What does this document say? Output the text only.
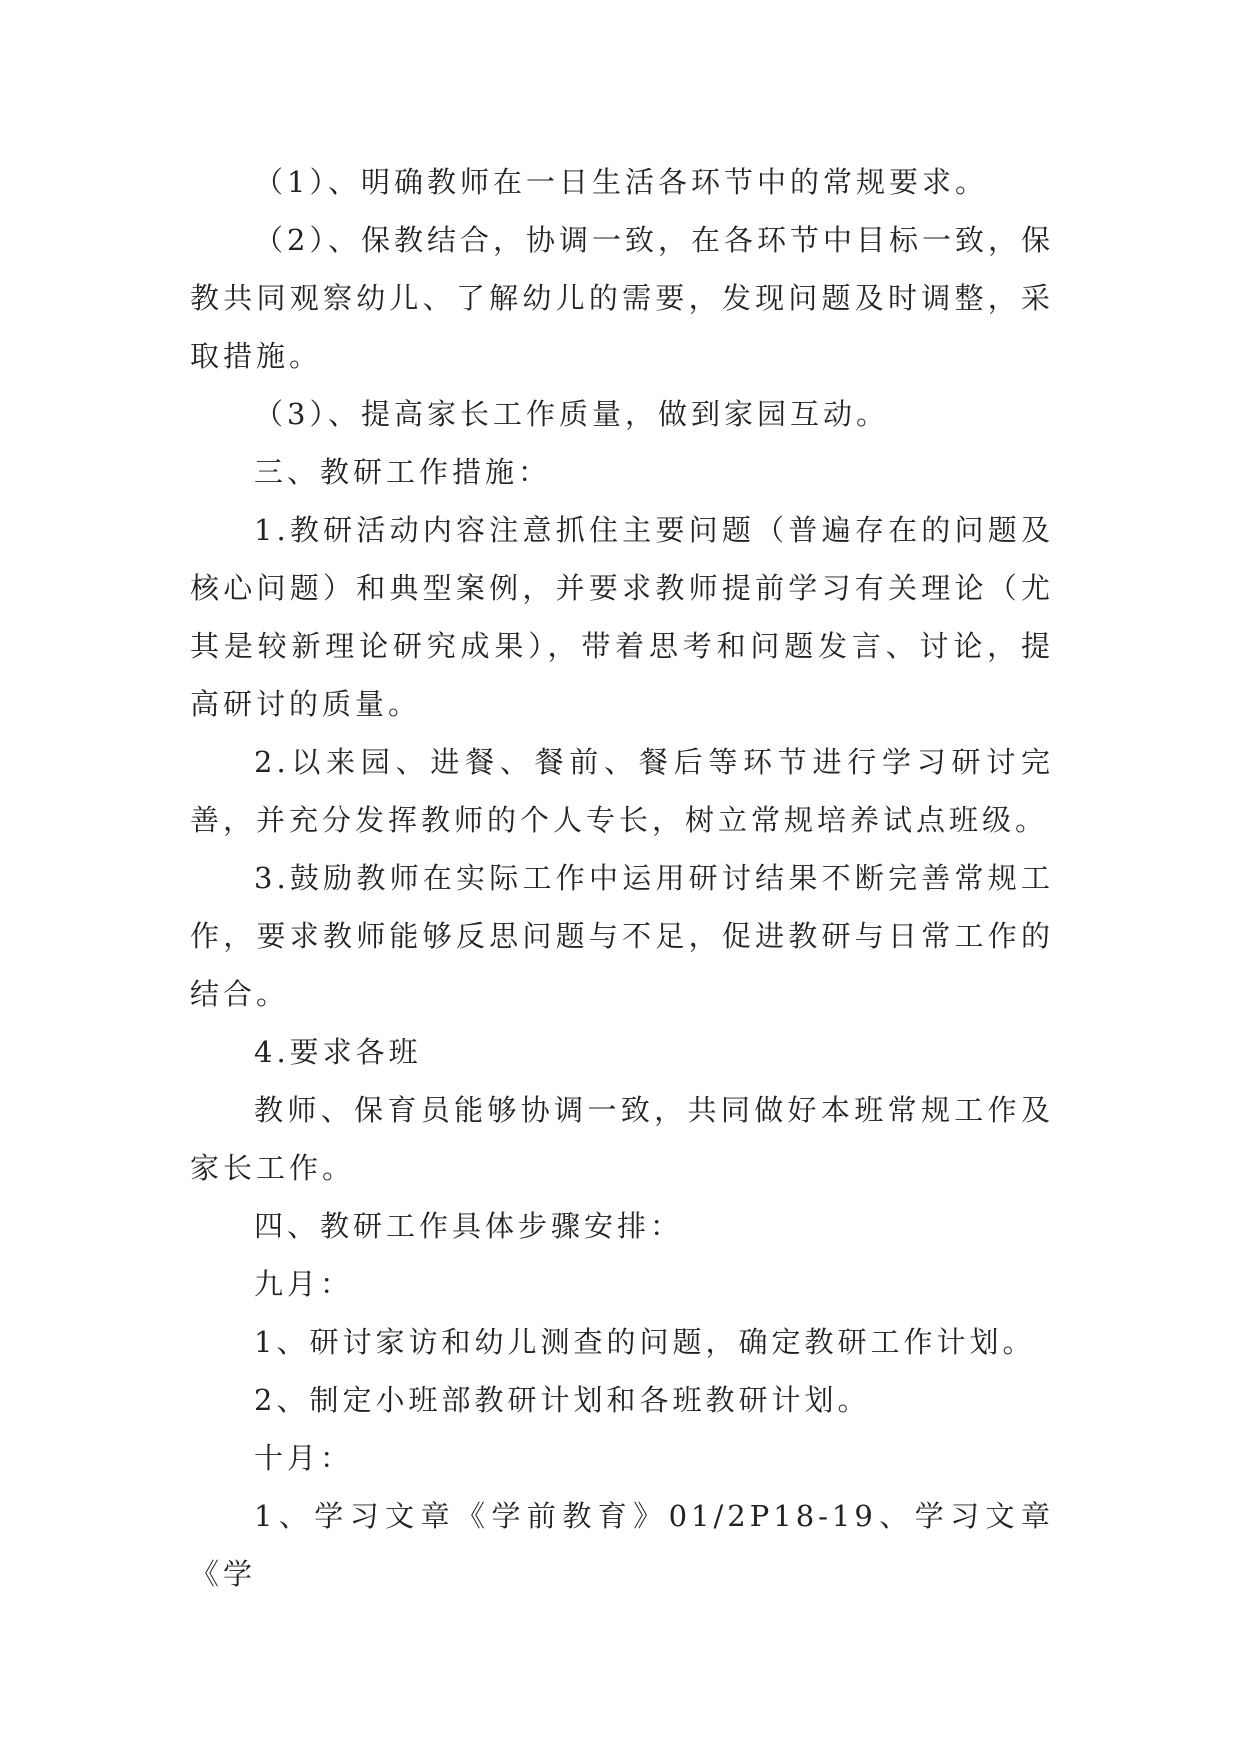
（1）、明确教师在一日生活各环节中的常规要求。

（2）、保教结合，协调一致，在各环节中目标一致，保教共同观察幼儿、了解幼儿的需要，发现问题及时调整，采取措施。

（3）、提高家长工作质量，做到家园互动。

三、教研工作措施：

1.教研活动内容注意抓住主要问题（普遍存在的问题及核心问题）和典型案例，并要求教师提前学习有关理论（尤其是较新理论研究成果），带着思考和问题发言、讨论，提高研讨的质量。

2.以来园、进餐、餐前、餐后等环节进行学习研讨完善，并充分发挥教师的个人专长，树立常规培养试点班级。

3.鼓励教师在实际工作中运用研讨结果不断完善常规工作，要求教师能够反思问题与不足，促进教研与日常工作的结合。

4.要求各班

教师、保育员能够协调一致，共同做好本班常规工作及家长工作。

四、教研工作具体步骤安排：

九月：

1、研讨家访和幼儿测查的问题，确定教研工作计划。

2、制定小班部教研计划和各班教研计划。

十月：

1、学习文章《学前教育》01/2P18-19、学习文章《学
